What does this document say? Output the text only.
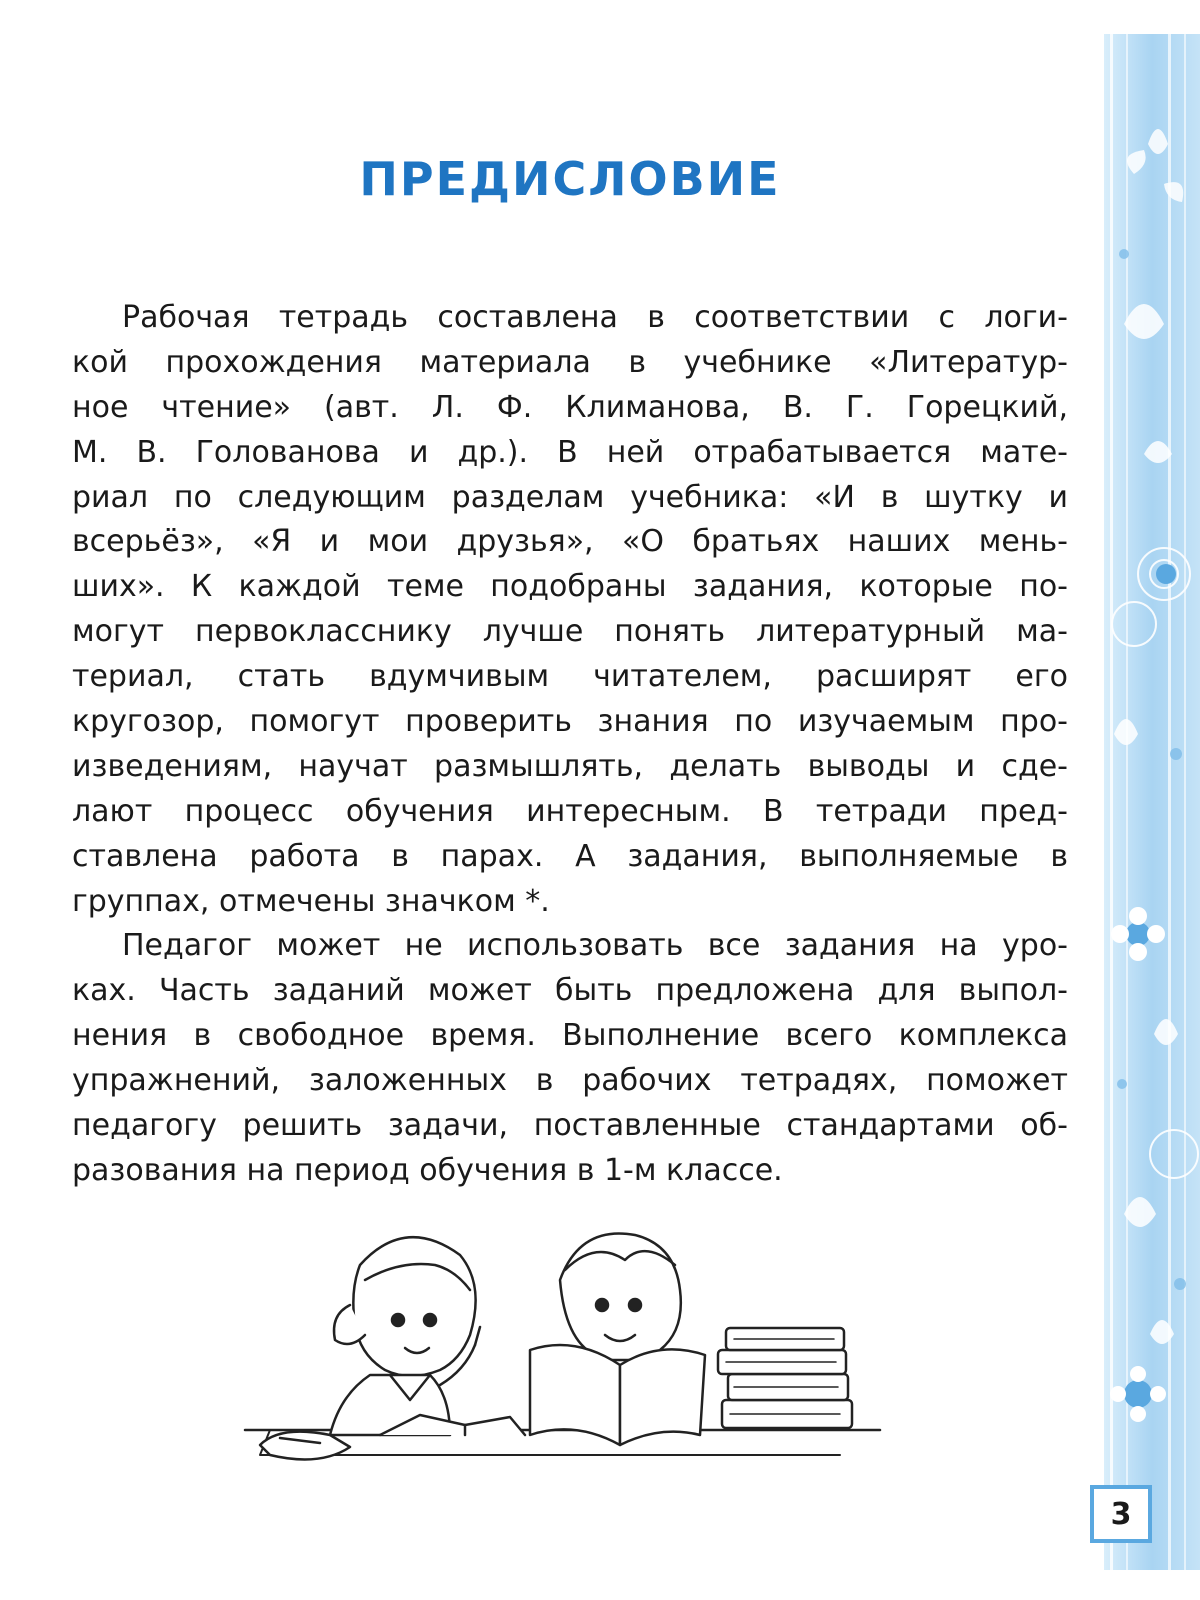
ПРЕДИСЛОВИЕ
Рабочая тетрадь составлена в соответствии с логи-
кой прохождения материала в учебнике «Литератур-
ное чтение» (авт. Л. Ф. Климанова, В. Г. Горецкий,
М. В. Голованова и др.). В ней отрабатывается мате-
риал по следующим разделам учебника: «И в шутку и
всерьёз», «Я и мои друзья», «О братьях наших мень-
ших». К каждой теме подобраны задания, которые по-
могут первокласснику лучше понять литературный ма-
териал, стать вдумчивым читателем, расширят его
кругозор, помогут проверить знания по изучаемым про-
изведениям, научат размышлять, делать выводы и сде-
лают процесс обучения интересным. В тетради пред-
ставлена работа в парах. А задания, выполняемые в
группах, отмечены значком *.
Педагог может не использовать все задания на уро-
ках. Часть заданий может быть предложена для выпол-
нения в свободное время. Выполнение всего комплекса
упражнений, заложенных в рабочих тетрадях, поможет
педагогу решить задачи, поставленные стандартами об-
разования на период обучения в 1-м классе.
3
